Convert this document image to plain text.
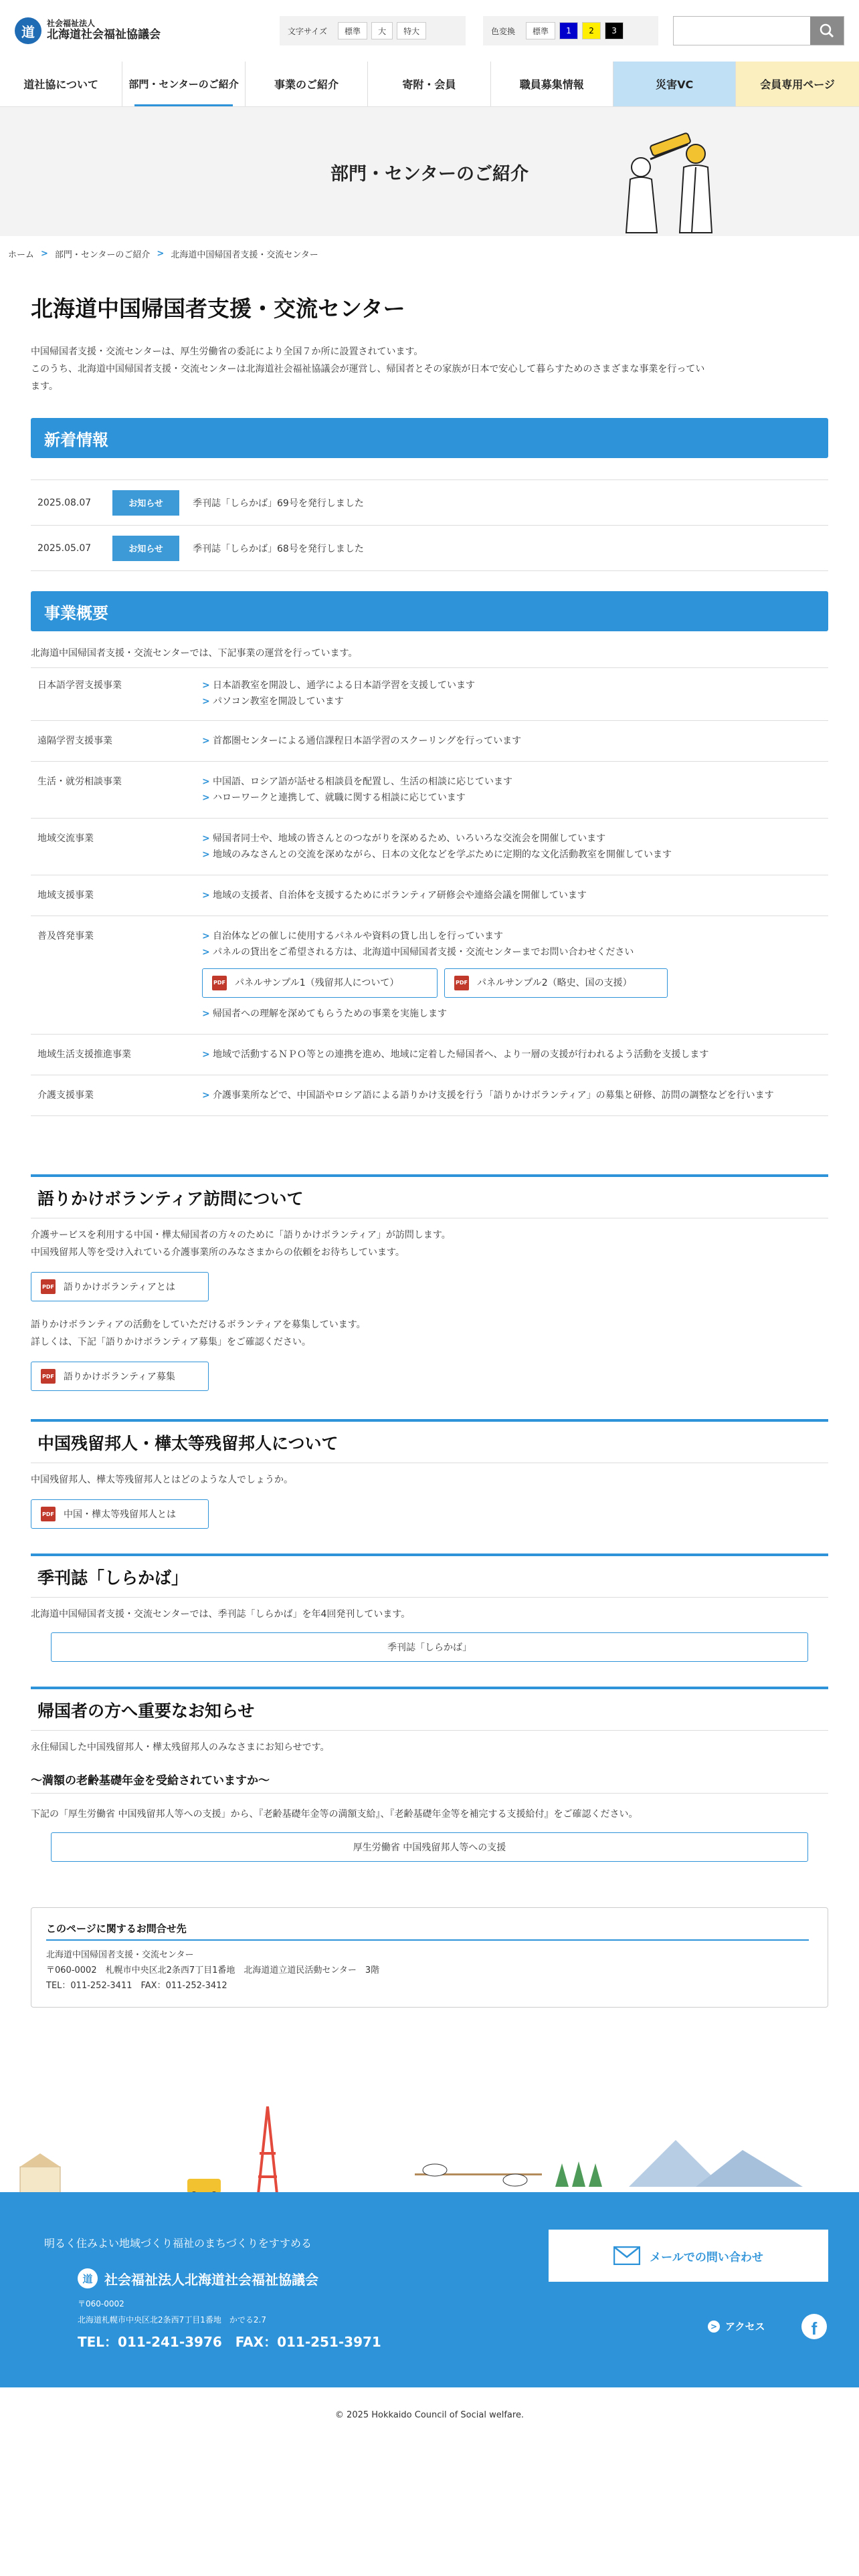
道
社会福祉法人
北海道社会福祉協議会	文字サイズ	標準	大	特大	色変換	標準	1	2	3
道社協について	部門・センターのご紹介	事業のご紹介	寄附・会員	職員募集情報	災害VC	会員専用ページ
部門・センターのご紹介
ホーム > 部門・センターのご紹介 > 北海道中国帰国者支援・交流センター
北海道中国帰国者支援・交流センター
中国帰国者支援・交流センターは、厚生労働省の委託により全国７か所に設置されています。
このうち、北海道中国帰国者支援・交流センターは北海道社会福祉協議会が運営し、帰国者とその家族が日本で安心して暮らすためのさまざまな事業を行ってい
ます。
新着情報
2025.08.07	お知らせ	季刊誌「しらかば」69号を発行しました
2025.05.07	お知らせ	季刊誌「しらかば」68号を発行しました
事業概要
北海道中国帰国者支援・交流センターでは、下記事業の運営を行っています。
日本語学習支援事業	> 日本語教室を開設し、通学による日本語学習を支援しています
> パソコン教室を開設しています
遠隔学習支援事業	> 首都圏センターによる通信課程日本語学習のスクーリングを行っています
生活・就労相談事業	> 中国語、ロシア語が話せる相談員を配置し、生活の相談に応じています
> ハローワークと連携して、就職に関する相談に応じています
地域交流事業	> 帰国者同士や、地域の皆さんとのつながりを深めるため、いろいろな交流会を開催しています
> 地域のみなさんとの交流を深めながら、日本の文化などを学ぶために定期的な文化活動教室を開催しています
地域支援事業	> 地域の支援者、自治体を支援するためにボランティア研修会や連絡会議を開催しています
普及啓発事業	> 自治体などの催しに使用するパネルや資料の貸し出しを行っています
> パネルの貸出をご希望される方は、北海道中国帰国者支援・交流センターまでお問い合わせください
PDF パネルサンプル1（残留邦人について）	PDF パネルサンプル2（略史、国の支援）
> 帰国者への理解を深めてもらうための事業を実施します
地域生活支援推進事業	> 地域で活動するＮＰＯ等との連携を進め、地域に定着した帰国者へ、より一層の支援が行われるよう活動を支援します
介護支援事業	> 介護事業所などで、中国語やロシア語による語りかけ支援を行う「語りかけボランティア」の募集と研修、訪問の調整などを行います
語りかけボランティア訪問について
介護サービスを利用する中国・樺太帰国者の方々のために「語りかけボランティア」が訪問します。
中国残留邦人等を受け入れている介護事業所のみなさまからの依頼をお待ちしています。
PDF 語りかけボランティアとは
語りかけボランティアの活動をしていただけるボランティアを募集しています。
詳しくは、下記「語りかけボランティア募集」をご確認ください。
PDF 語りかけボランティア募集
中国残留邦人・樺太等残留邦人について
中国残留邦人、樺太等残留邦人とはどのような人でしょうか。
PDF 中国・樺太等残留邦人とは
季刊誌「しらかば」
北海道中国帰国者支援・交流センターでは、季刊誌「しらかば」を年4回発刊しています。
季刊誌「しらかば」
帰国者の方へ重要なお知らせ
永住帰国した中国残留邦人・樺太残留邦人のみなさまにお知らせです。
～満額の老齢基礎年金を受給されていますか～
下記の「厚生労働省 中国残留邦人等への支援」から、『老齢基礎年金等の満額支給』、『老齢基礎年金等を補完する支援給付』をご確認ください。
厚生労働省 中国残留邦人等への支援
このページに関するお問合せ先
北海道中国帰国者支援・交流センター
〒060-0002　札幌市中央区北2条西7丁目1番地　北海道道立道民活動センター　3階
TEL：011-252-3411　FAX：011-252-3412
明るく住みよい地域づくり福祉のまちづくりをすすめる
道 社会福祉法人北海道社会福祉協議会
〒060-0002
北海道札幌市中央区北2条西7丁目1番地　かでる2.7
TEL：011-241-3976　FAX：011-251-3971
メールでの問い合わせ
> アクセス	f
© 2025 Hokkaido Council of Social welfare.
